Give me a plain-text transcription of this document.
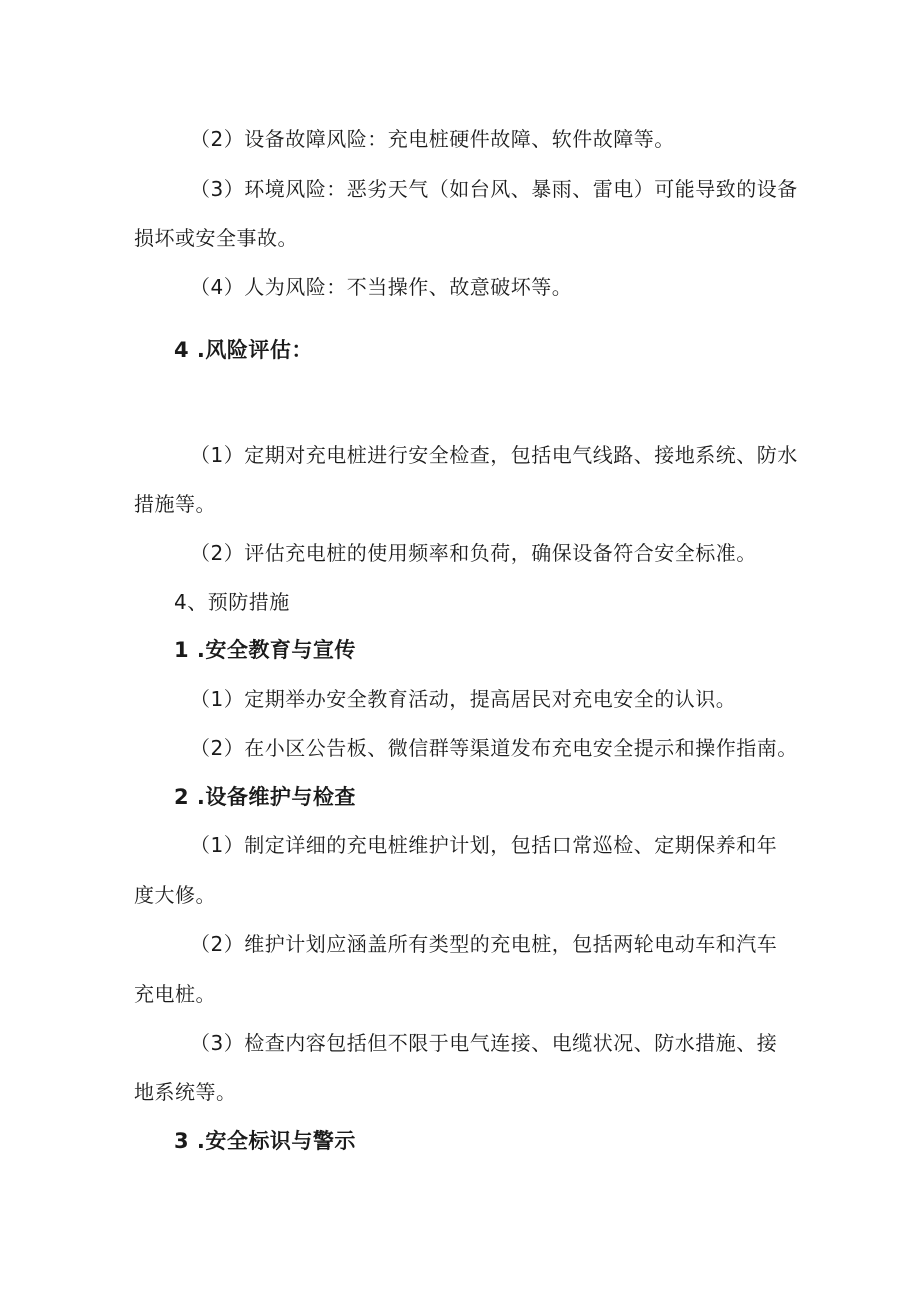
（2）设备故障风险：充电桩硬件故障、软件故障等。
（3）环境风险：恶劣天气（如台风、暴雨、雷电）可能导致的设备
损坏或安全事故。
（4）人为风险：不当操作、故意破坏等。
4 .风险评估：
（1）定期对充电桩进行安全检查，包括电气线路、接地系统、防水
措施等。
（2）评估充电桩的使用频率和负荷，确保设备符合安全标准。
4、预防措施
1 .安全教育与宣传
（1）定期举办安全教育活动，提高居民对充电安全的认识。
（2）在小区公告板、微信群等渠道发布充电安全提示和操作指南。
2 .设备维护与检查
（1）制定详细的充电桩维护计划，包括口常巡检、定期保养和年
度大修。
（2）维护计划应涵盖所有类型的充电桩，包括两轮电动车和汽车
充电桩。
（3）检查内容包括但不限于电气连接、电缆状况、防水措施、接
地系统等。
3 .安全标识与警示
